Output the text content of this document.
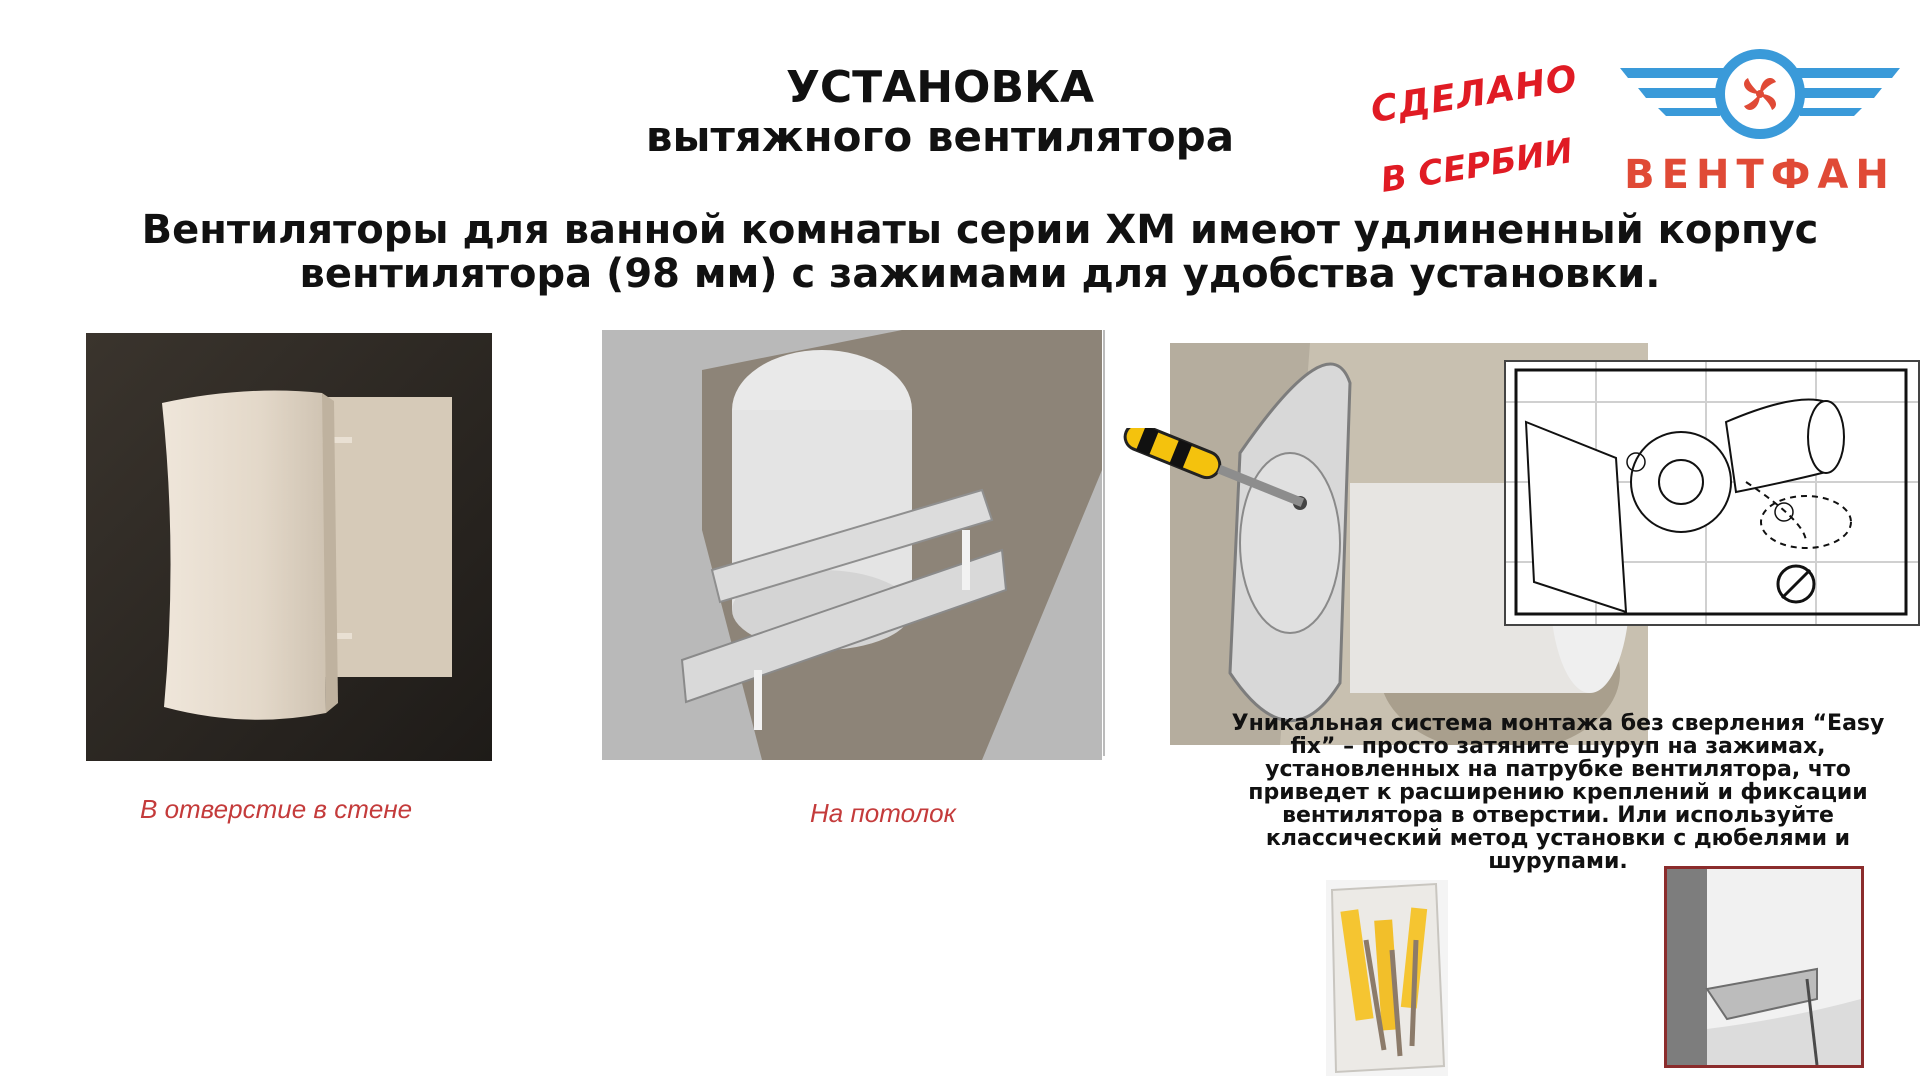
УСТАНОВКА
вытяжного вентилятора
СДЕЛАНО
В СЕРБИИ	ВЕНТФАН
Вентиляторы для ванной комнаты серии XM имеют удлиненный корпус
вентилятора (98 мм) с зажимами для удобства установки.
В отверстие в стене	На потолок
Уникальная система монтажа без сверления “Easy fix” – просто затяните шуруп на зажимах, установленных на патрубке вентилятора, что приведет к расширению креплений и фиксации вентилятора в отверстии. Или используйте классический метод установки с дюбелями и шурупами.
